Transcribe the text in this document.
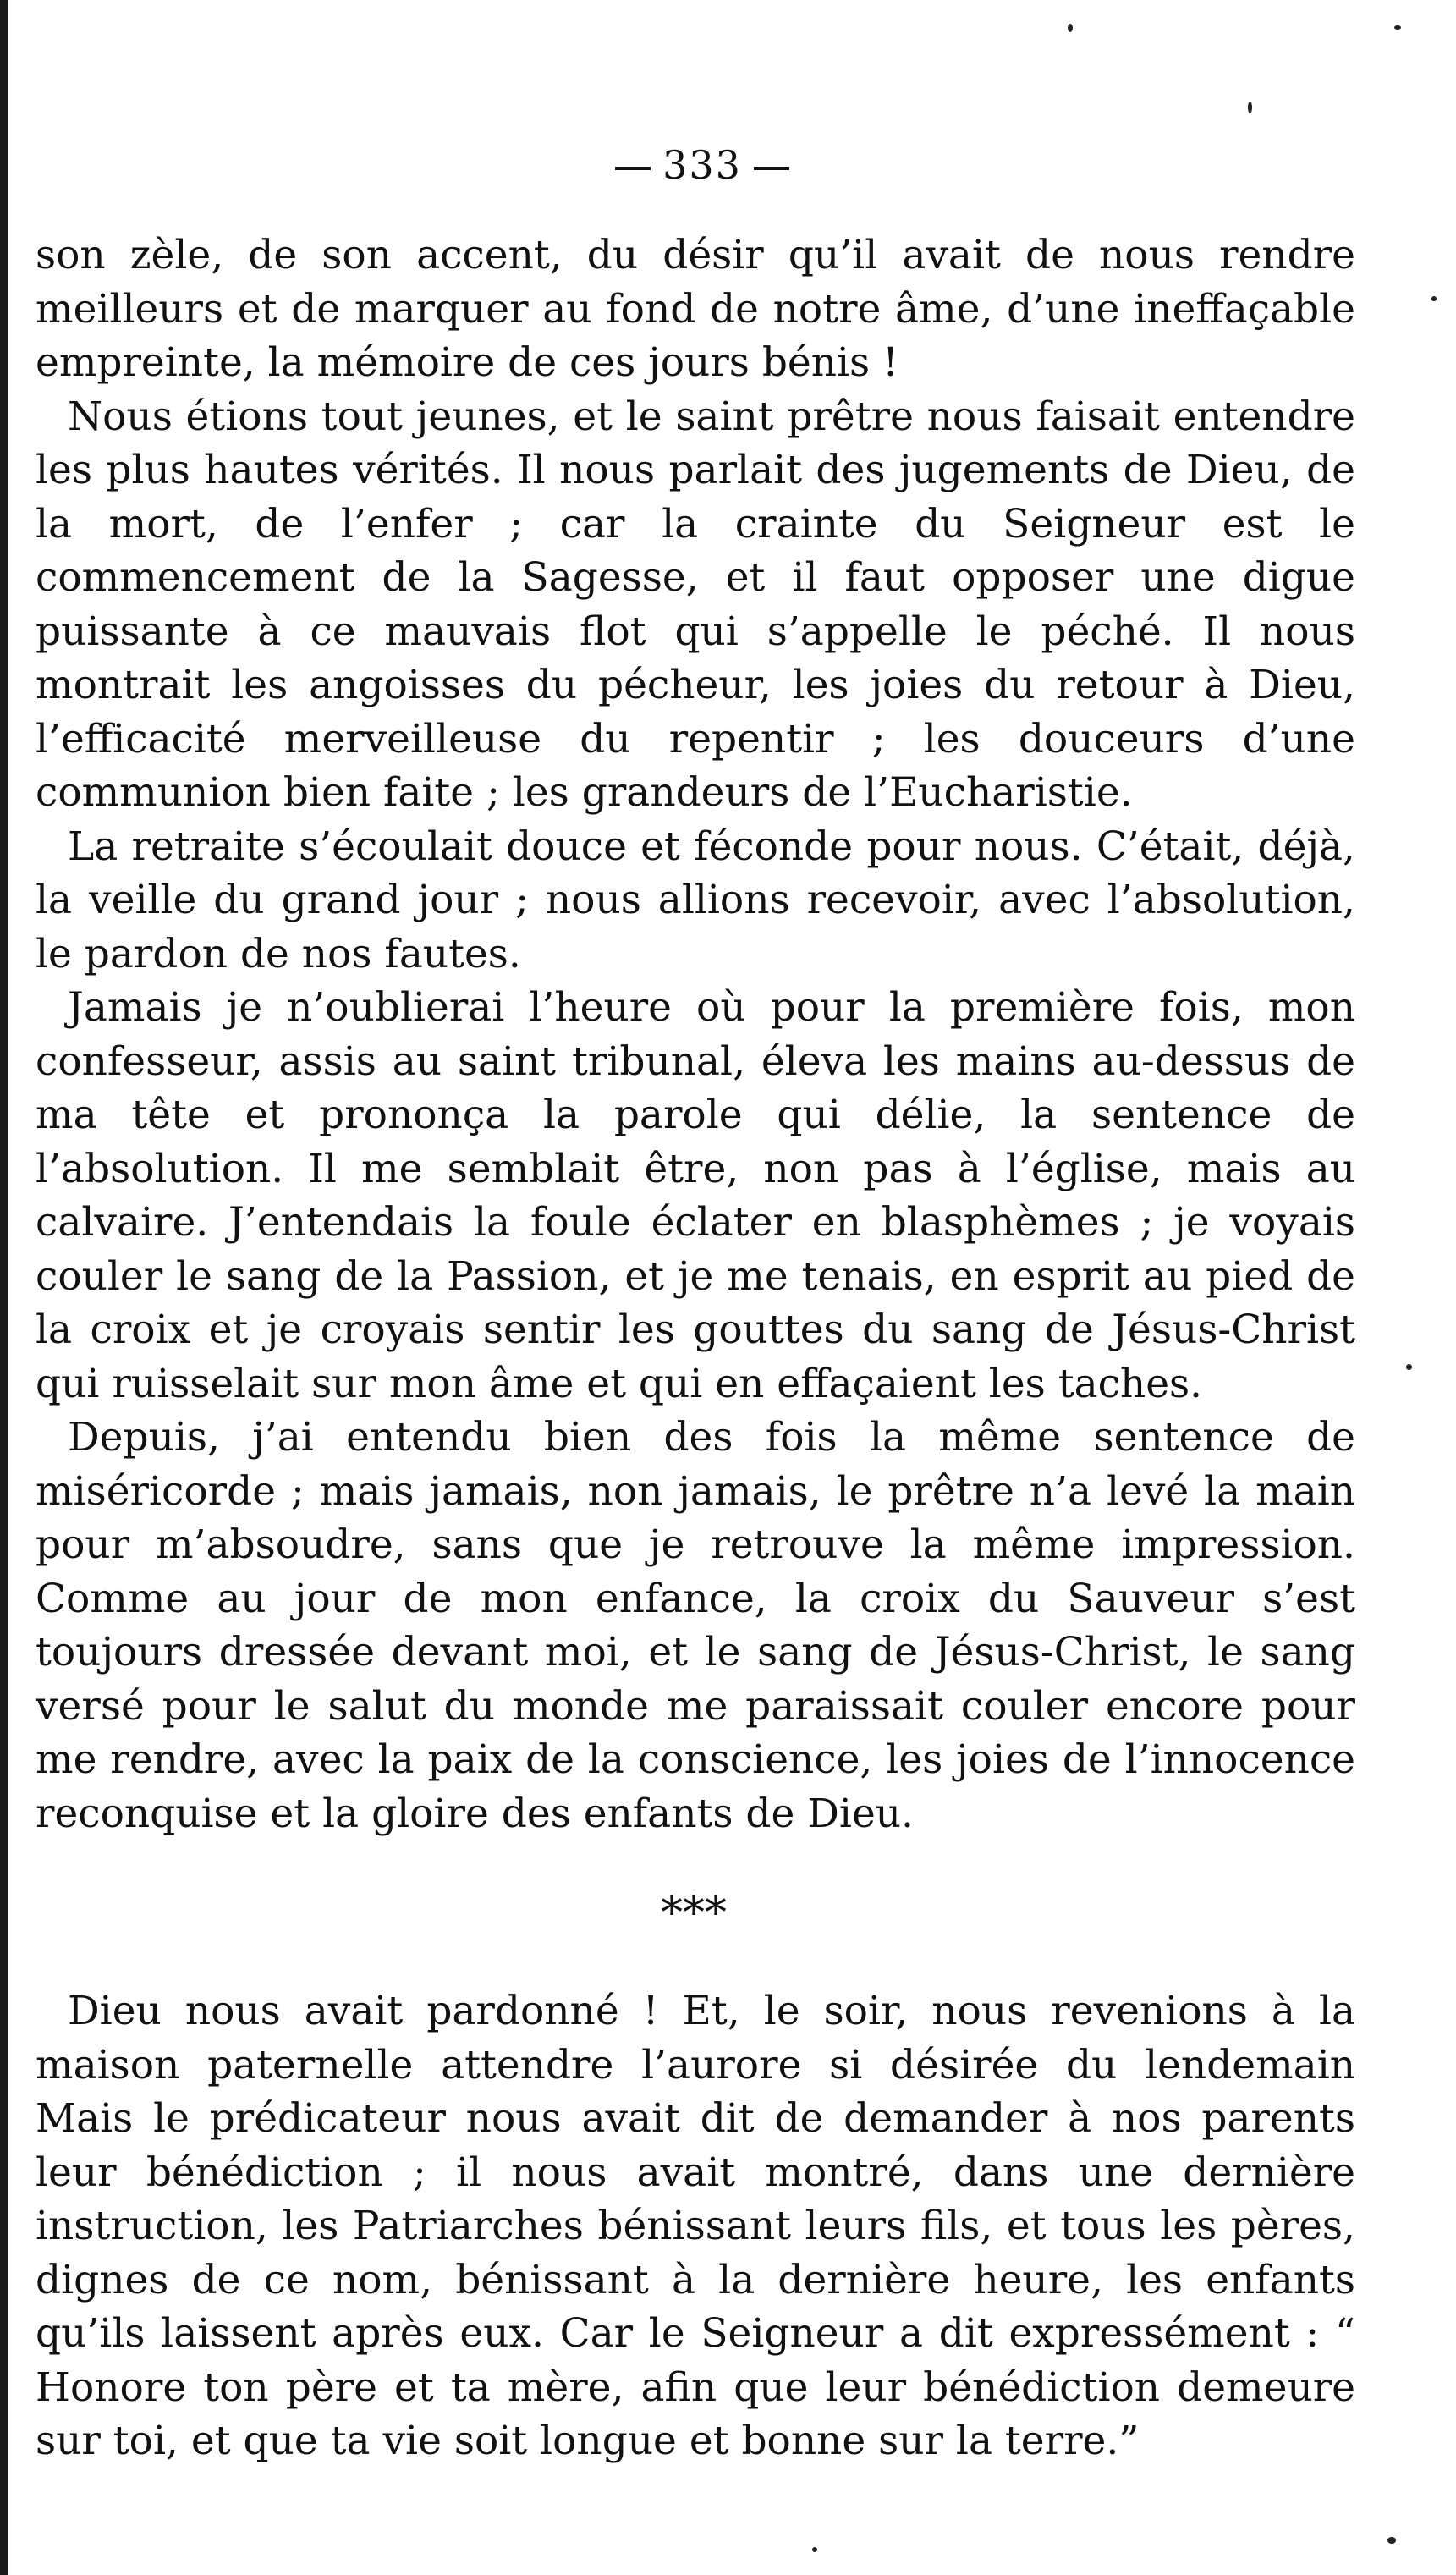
333

son zèle, de son accent, du désir qu’il avait de nous rendre meilleurs et de marquer au fond de notre âme, d’une ineffaçable empreinte, la mémoire de ces jours bénis !

Nous étions tout jeunes, et le saint prêtre nous faisait entendre les plus hautes vérités. Il nous parlait des jugements de Dieu, de la mort, de l’enfer ; car la crainte du Seigneur est le commencement de la Sagesse, et il faut opposer une digue puissante à ce mauvais flot qui s’appelle le péché. Il nous montrait les angoisses du pécheur, les joies du retour à Dieu, l’efficacité merveilleuse du repentir ; les douceurs d’une communion bien faite ; les grandeurs de l’Eucharistie.

La retraite s’écoulait douce et féconde pour nous. C’était, déjà, la veille du grand jour ; nous allions recevoir, avec l’absolution, le pardon de nos fautes.

Jamais je n’oublierai l’heure où pour la première fois, mon confesseur, assis au saint tribunal, éleva les mains au-dessus de ma tête et prononça la parole qui délie, la sentence de l’absolution. Il me semblait être, non pas à l’église, mais au calvaire. J’entendais la foule éclater en blasphèmes ; je voyais couler le sang de la Passion, et je me tenais, en esprit au pied de la croix et je croyais sentir les gouttes du sang de Jésus-Christ qui ruisselait sur mon âme et qui en effaçaient les taches.

Depuis, j’ai entendu bien des fois la même sentence de miséricorde ; mais jamais, non jamais, le prêtre n’a levé la main pour m’absoudre, sans que je retrouve la même impression. Comme au jour de mon enfance, la croix du Sauveur s’est toujours dressée devant moi, et le sang de Jésus-Christ, le sang versé pour le salut du monde me paraissait couler encore pour me rendre, avec la paix de la conscience, les joies de l’innocence reconquise et la gloire des enfants de Dieu.

***

Dieu nous avait pardonné ! Et, le soir, nous revenions à la maison paternelle attendre l’aurore si désirée du lendemain Mais le prédicateur nous avait dit de demander à nos parents leur bénédiction ; il nous avait montré, dans une dernière instruction, les Patriarches bénissant leurs fils, et tous les pères, dignes de ce nom, bénissant à la dernière heure, les enfants qu’ils laissent après eux. Car le Seigneur a dit expressément : “ Honore ton père et ta mère, afin que leur bénédiction demeure sur toi, et que ta vie soit longue et bonne sur la terre.”
